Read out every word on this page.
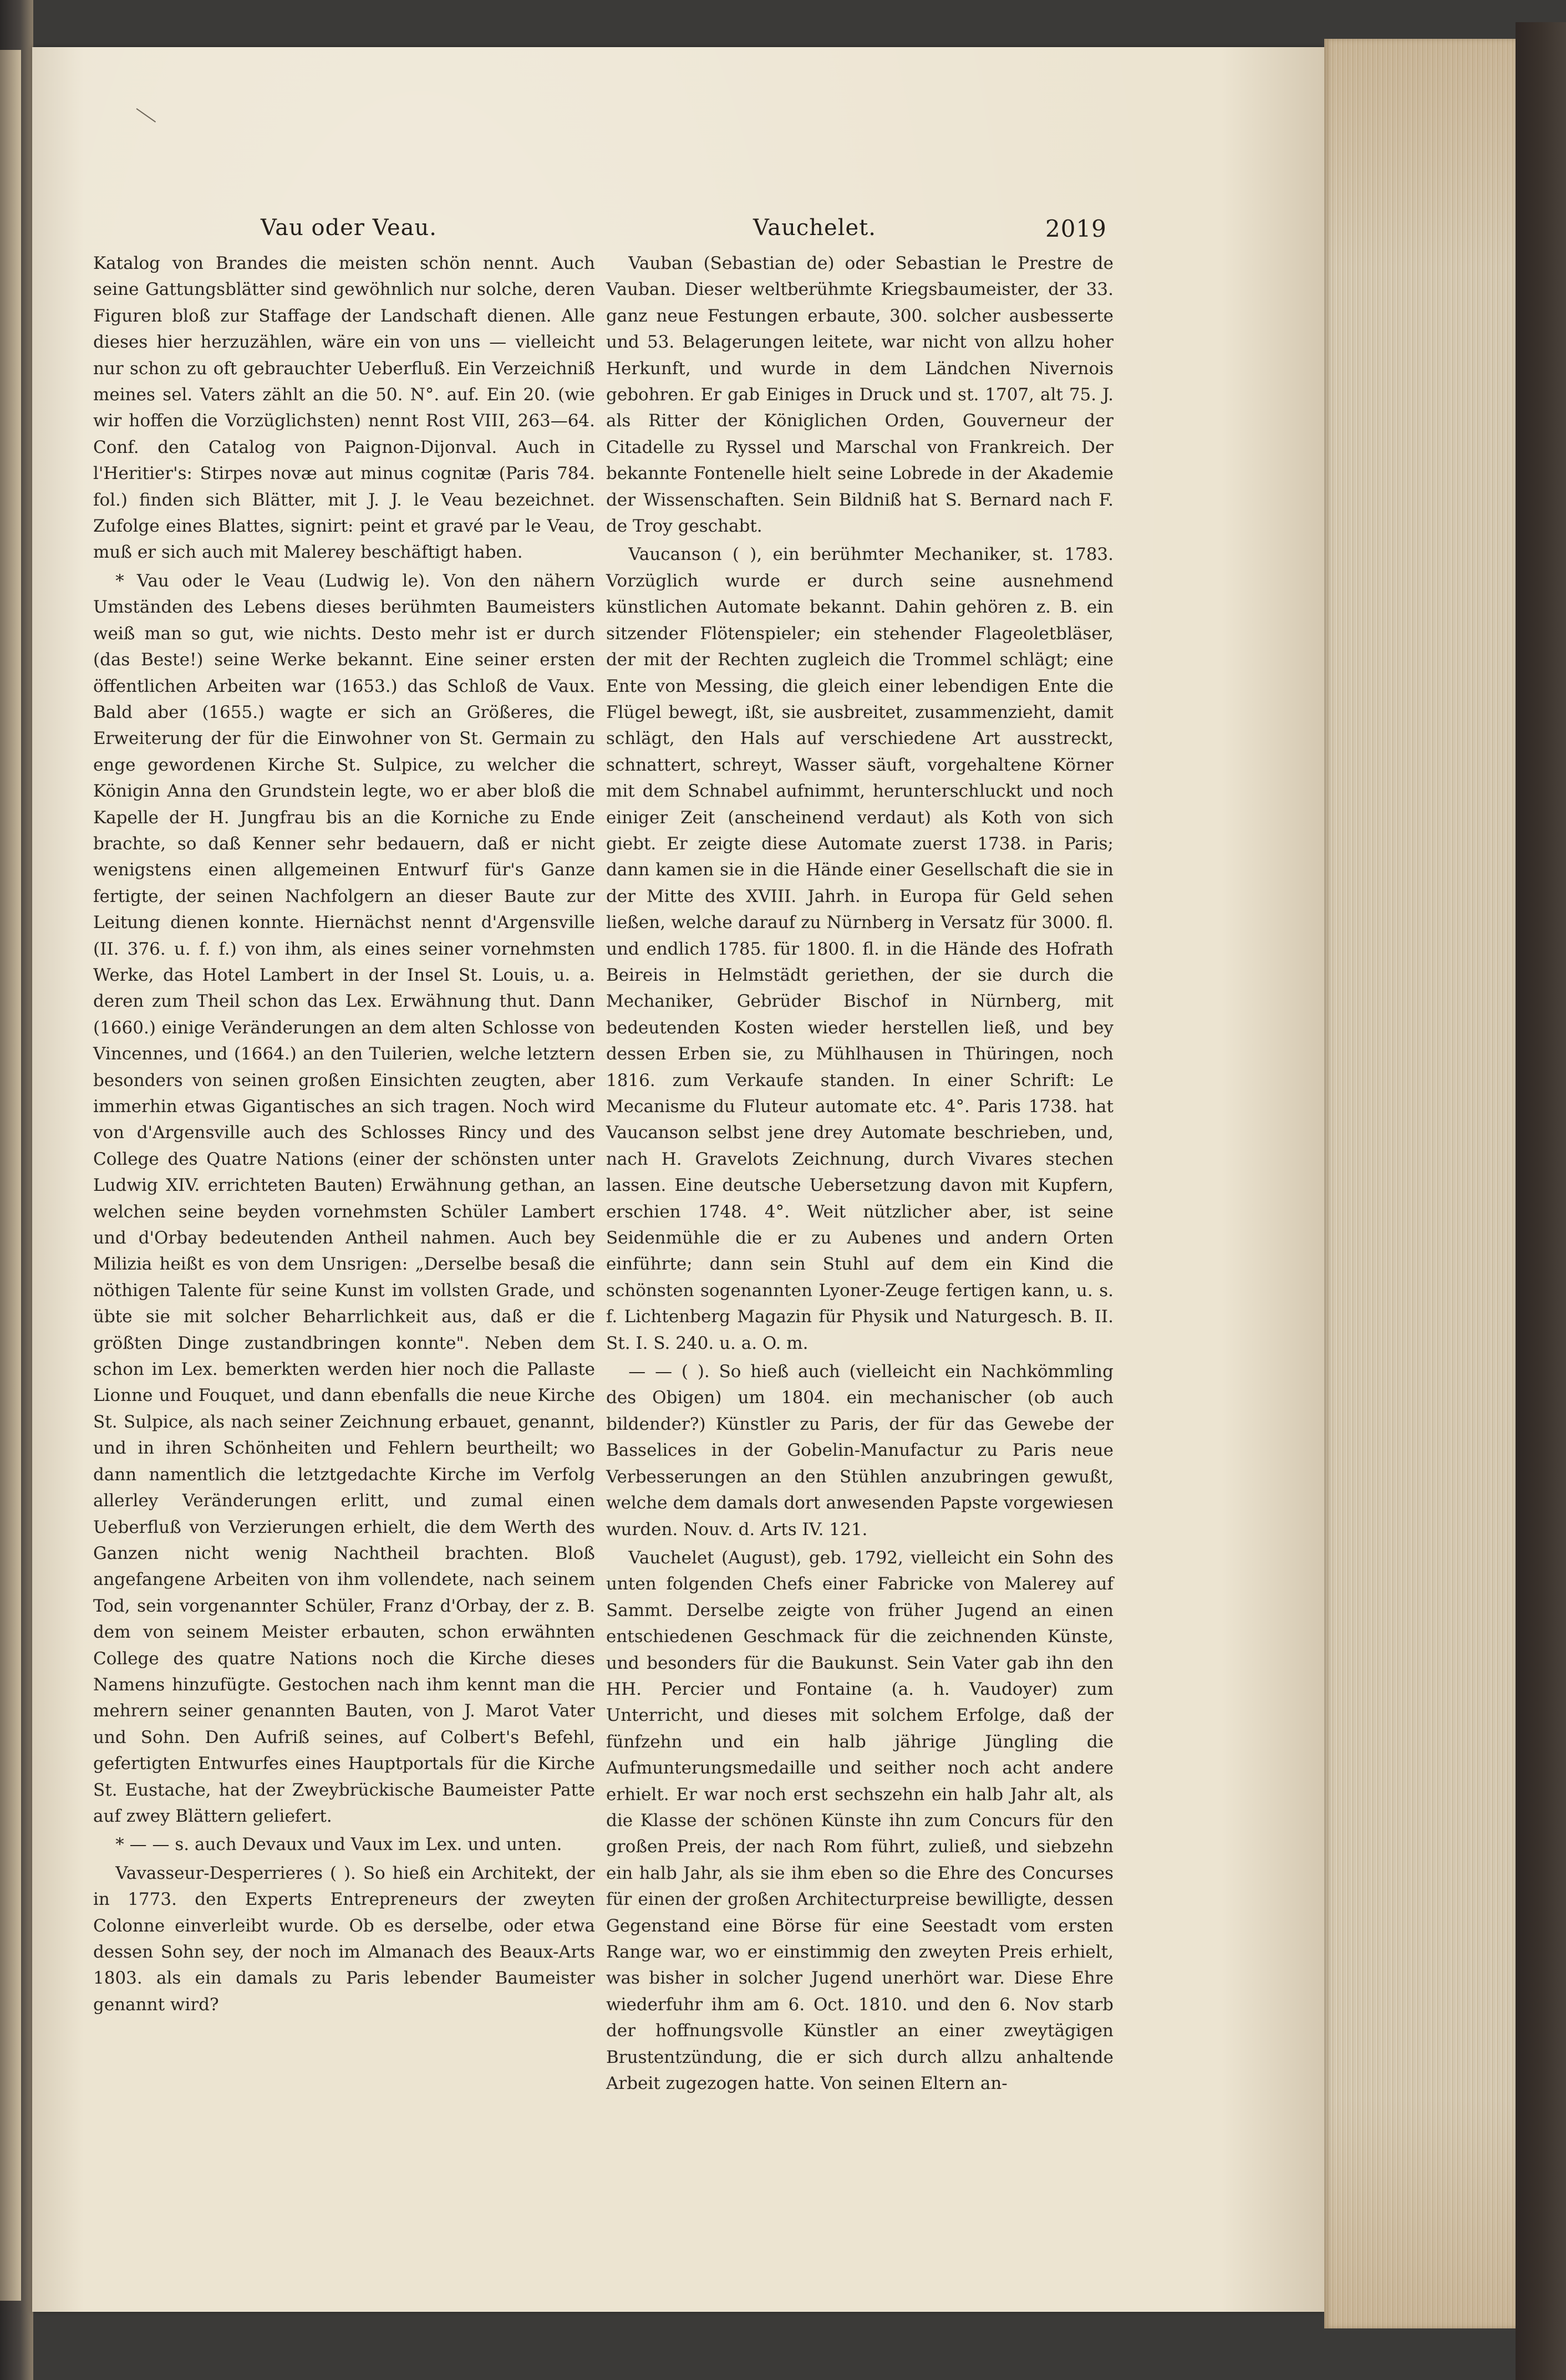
Vau oder Veau.	Vauchelet.	2019

Katalog von Brandes die meisten schön nennt. Auch seine Gattungsblätter sind gewöhnlich nur solche, deren Figuren bloß zur Staffage der Landschaft dienen. Alle dieses hier herzuzählen, wäre ein von uns — vielleicht nur schon zu oft gebrauchter Ueberfluß. Ein Verzeichniß meines sel. Vaters zählt an die 50. N°. auf. Ein 20. (wie wir hoffen die Vorzüglichsten) nennt Rost VIII, 263—64. Conf. den Catalog von Paignon-Dijonval. Auch in l'Heritier's: Stirpes novæ aut minus cognitæ (Paris 784. fol.) finden sich Blätter, mit J. J. le Veau bezeichnet. Zufolge eines Blattes, signirt: peint et gravé par le Veau, muß er sich auch mit Malerey beschäftigt haben.

* Vau oder le Veau (Ludwig le). Von den nähern Umständen des Lebens dieses berühmten Baumeisters weiß man so gut, wie nichts. Desto mehr ist er durch (das Beste!) seine Werke bekannt. Eine seiner ersten öffentlichen Arbeiten war (1653.) das Schloß de Vaux. Bald aber (1655.) wagte er sich an Größeres, die Erweiterung der für die Einwohner von St. Germain zu enge gewordenen Kirche St. Sulpice, zu welcher die Königin Anna den Grundstein legte, wo er aber bloß die Kapelle der H. Jungfrau bis an die Korniche zu Ende brachte, so daß Kenner sehr bedauern, daß er nicht wenigstens einen allgemeinen Entwurf für's Ganze fertigte, der seinen Nachfolgern an dieser Baute zur Leitung dienen konnte. Hiernächst nennt d'Argensville (II. 376. u. f. f.) von ihm, als eines seiner vornehmsten Werke, das Hotel Lambert in der Insel St. Louis, u. a. deren zum Theil schon das Lex. Erwähnung thut. Dann (1660.) einige Veränderungen an dem alten Schlosse von Vincennes, und (1664.) an den Tuilerien, welche letztern besonders von seinen großen Einsichten zeugten, aber immerhin etwas Gigantisches an sich tragen. Noch wird von d'Argensville auch des Schlosses Rincy und des College des Quatre Nations (einer der schönsten unter Ludwig XIV. errichteten Bauten) Erwähnung gethan, an welchen seine beyden vornehmsten Schüler Lambert und d'Orbay bedeutenden Antheil nahmen. Auch bey Milizia heißt es von dem Unsrigen: „Derselbe besaß die nöthigen Talente für seine Kunst im vollsten Grade, und übte sie mit solcher Beharrlichkeit aus, daß er die größten Dinge zustandbringen konnte". Neben dem schon im Lex. bemerkten werden hier noch die Pallaste Lionne und Fouquet, und dann ebenfalls die neue Kirche St. Sulpice, als nach seiner Zeichnung erbauet, genannt, und in ihren Schönheiten und Fehlern beurtheilt; wo dann namentlich die letztgedachte Kirche im Verfolg allerley Veränderungen erlitt, und zumal einen Ueberfluß von Verzierungen erhielt, die dem Werth des Ganzen nicht wenig Nachtheil brachten. Bloß angefangene Arbeiten von ihm vollendete, nach seinem Tod, sein vorgenannter Schüler, Franz d'Orbay, der z. B. dem von seinem Meister erbauten, schon erwähnten College des quatre Nations noch die Kirche dieses Namens hinzufügte. Gestochen nach ihm kennt man die mehrern seiner genannten Bauten, von J. Marot Vater und Sohn. Den Aufriß seines, auf Colbert's Befehl, gefertigten Entwurfes eines Hauptportals für die Kirche St. Eustache, hat der Zweybrückische Baumeister Patte auf zwey Blättern geliefert.

* — — s. auch Devaux und Vaux im Lex. und unten.

Vavasseur-Desperrieres ( ). So hieß ein Architekt, der in 1773. den Experts Entrepreneurs der zweyten Colonne einverleibt wurde. Ob es derselbe, oder etwa dessen Sohn sey, der noch im Almanach des Beaux-Arts 1803. als ein damals zu Paris lebender Baumeister genannt wird?

Vauban (Sebastian de) oder Sebastian le Prestre de Vauban. Dieser weltberühmte Kriegsbaumeister, der 33. ganz neue Festungen erbaute, 300. solcher ausbesserte und 53. Belagerungen leitete, war nicht von allzu hoher Herkunft, und wurde in dem Ländchen Nivernois gebohren. Er gab Einiges in Druck und st. 1707, alt 75. J. als Ritter der Königlichen Orden, Gouverneur der Citadelle zu Ryssel und Marschal von Frankreich. Der bekannte Fontenelle hielt seine Lobrede in der Akademie der Wissenschaften. Sein Bildniß hat S. Bernard nach F. de Troy geschabt.

Vaucanson ( ), ein berühmter Mechaniker, st. 1783. Vorzüglich wurde er durch seine ausnehmend künstlichen Automate bekannt. Dahin gehören z. B. ein sitzender Flötenspieler; ein stehender Flageoletbläser, der mit der Rechten zugleich die Trommel schlägt; eine Ente von Messing, die gleich einer lebendigen Ente die Flügel bewegt, ißt, sie ausbreitet, zusammenzieht, damit schlägt, den Hals auf verschiedene Art ausstreckt, schnattert, schreyt, Wasser säuft, vorgehaltene Körner mit dem Schnabel aufnimmt, herunterschluckt und noch einiger Zeit (anscheinend verdaut) als Koth von sich giebt. Er zeigte diese Automate zuerst 1738. in Paris; dann kamen sie in die Hände einer Gesellschaft die sie in der Mitte des XVIII. Jahrh. in Europa für Geld sehen ließen, welche darauf zu Nürnberg in Versatz für 3000. fl. und endlich 1785. für 1800. fl. in die Hände des Hofrath Beireis in Helmstädt geriethen, der sie durch die Mechaniker, Gebrüder Bischof in Nürnberg, mit bedeutenden Kosten wieder herstellen ließ, und bey dessen Erben sie, zu Mühlhausen in Thüringen, noch 1816. zum Verkaufe standen. In einer Schrift: Le Mecanisme du Fluteur automate etc. 4°. Paris 1738. hat Vaucanson selbst jene drey Automate beschrieben, und, nach H. Gravelots Zeichnung, durch Vivares stechen lassen. Eine deutsche Uebersetzung davon mit Kupfern, erschien 1748. 4°. Weit nützlicher aber, ist seine Seidenmühle die er zu Aubenes und andern Orten einführte; dann sein Stuhl auf dem ein Kind die schönsten sogenannten Lyoner-Zeuge fertigen kann, u. s. f. Lichtenberg Magazin für Physik und Naturgesch. B. II. St. I. S. 240. u. a. O. m.

— — ( ). So hieß auch (vielleicht ein Nachkömmling des Obigen) um 1804. ein mechanischer (ob auch bildender?) Künstler zu Paris, der für das Gewebe der Basselices in der Gobelin-Manufactur zu Paris neue Verbesserungen an den Stühlen anzubringen gewußt, welche dem damals dort anwesenden Papste vorgewiesen wurden. Nouv. d. Arts IV. 121.

Vauchelet (August), geb. 1792, vielleicht ein Sohn des unten folgenden Chefs einer Fabricke von Malerey auf Sammt. Derselbe zeigte von früher Jugend an einen entschiedenen Geschmack für die zeichnenden Künste, und besonders für die Baukunst. Sein Vater gab ihn den HH. Percier und Fontaine (a. h. Vaudoyer) zum Unterricht, und dieses mit solchem Erfolge, daß der fünfzehn und ein halb jährige Jüngling die Aufmunterungsmedaille und seither noch acht andere erhielt. Er war noch erst sechszehn ein halb Jahr alt, als die Klasse der schönen Künste ihn zum Concurs für den großen Preis, der nach Rom führt, zuließ, und siebzehn ein halb Jahr, als sie ihm eben so die Ehre des Concurses für einen der großen Architecturpreise bewilligte, dessen Gegenstand eine Börse für eine Seestadt vom ersten Range war, wo er einstimmig den zweyten Preis erhielt, was bisher in solcher Jugend unerhört war. Diese Ehre wiederfuhr ihm am 6. Oct. 1810. und den 6. Nov starb der hoffnungsvolle Künstler an einer zweytägigen Brustentzündung, die er sich durch allzu anhaltende Arbeit zugezogen hatte. Von seinen Eltern an-
